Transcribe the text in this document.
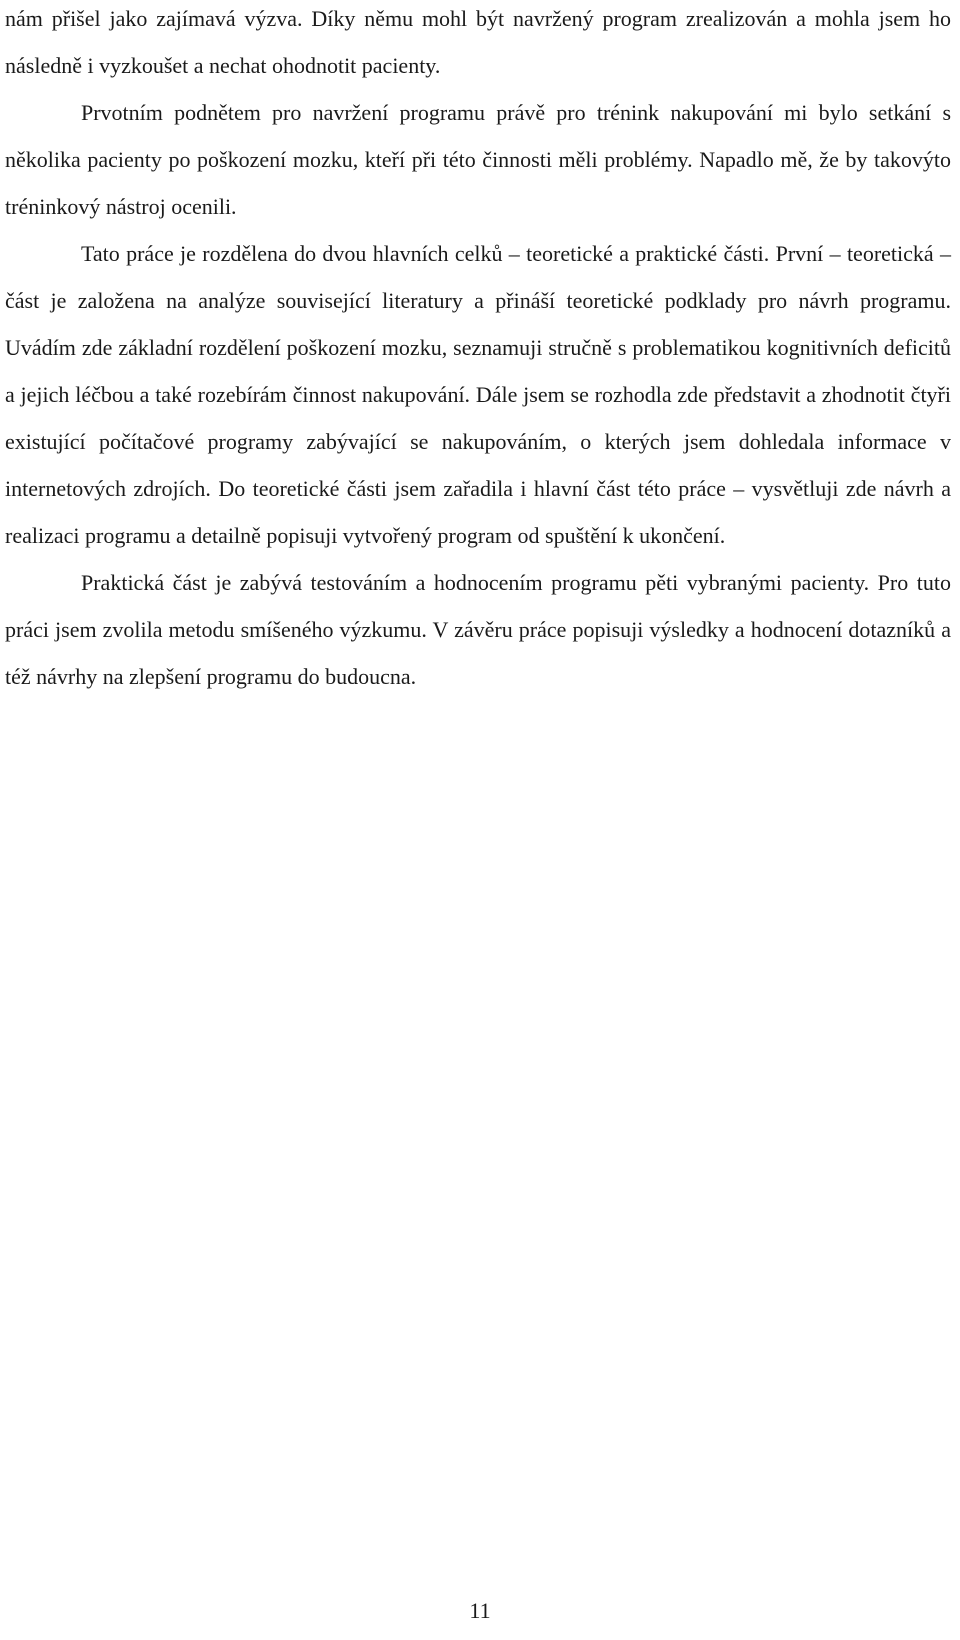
nám přišel jako zajímavá výzva. Díky němu mohl být navržený program zrealizován a mohla jsem ho následně i vyzkoušet a nechat ohodnotit pacienty.

Prvotním podnětem pro navržení programu právě pro trénink nakupování mi bylo setkání s několika pacienty po poškození mozku, kteří při této činnosti měli problémy. Napadlo mě, že by takovýto tréninkový nástroj ocenili.

Tato práce je rozdělena do dvou hlavních celků – teoretické a praktické části. První – teoretická – část je založena na analýze související literatury a přináší teoretické podklady pro návrh programu. Uvádím zde základní rozdělení poškození mozku, seznamuji stručně s problematikou kognitivních deficitů a jejich léčbou a také rozebírám činnost nakupování. Dále jsem se rozhodla zde představit a zhodnotit čtyři existující počítačové programy zabývající se nakupováním, o kterých jsem dohledala informace v internetových zdrojích. Do teoretické části jsem zařadila i hlavní část této práce – vysvětluji zde návrh a realizaci programu a detailně popisuji vytvořený program od spuštění k ukončení.

Praktická část je zabývá testováním a hodnocením programu pěti vybranými pacienty. Pro tuto práci jsem zvolila metodu smíšeného výzkumu. V závěru práce popisuji výsledky a hodnocení dotazníků a též návrhy na zlepšení programu do budoucna.

11
